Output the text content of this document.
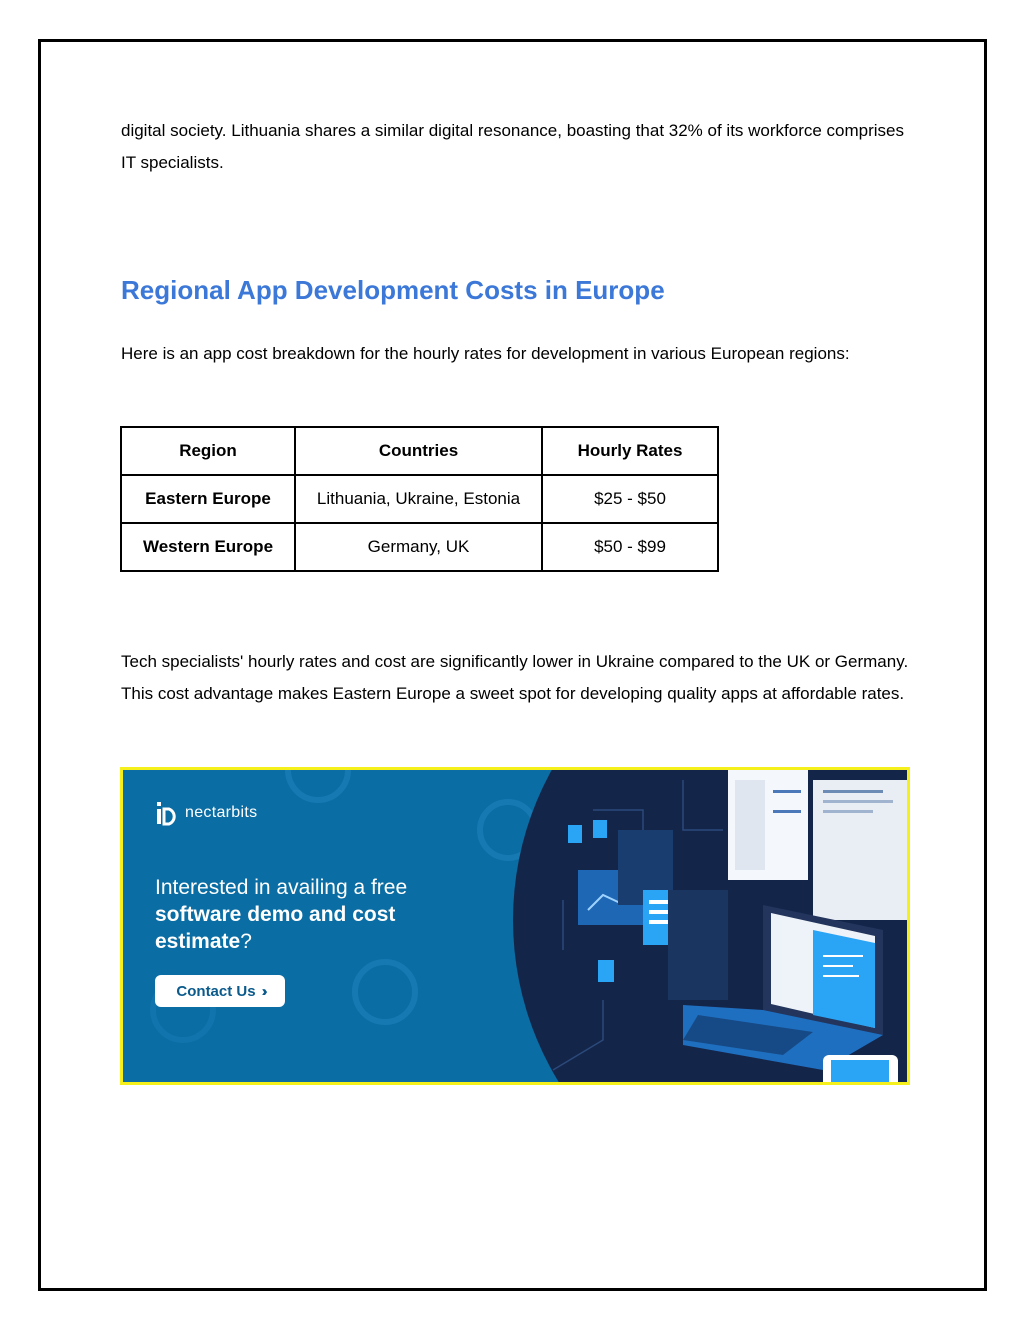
digital society. Lithuania shares a similar digital resonance, boasting that 32% of its workforce comprises IT specialists.

Regional App Development Costs in Europe

Here is an app cost breakdown for the hourly rates for development in various European regions:

Region	Countries	Hourly Rates
Eastern Europe	Lithuania, Ukraine, Estonia	$25 - $50
Western Europe	Germany, UK	$50 - $99

Tech specialists' hourly rates and cost are significantly lower in Ukraine compared to the UK or Germany. This cost advantage makes Eastern Europe a sweet spot for developing quality apps at affordable rates.

nectarbits
Interested in availing a free
software demo and cost
estimate?
Contact Us ››
